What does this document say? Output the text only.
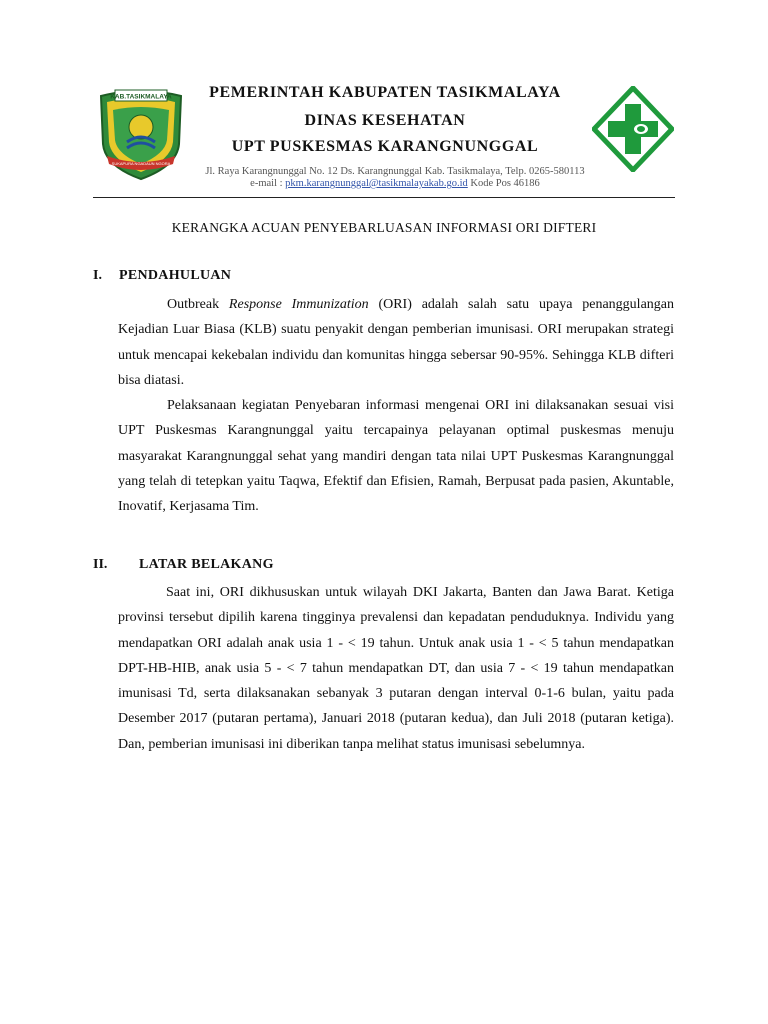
KAB.TASIKMALAYA
SUKAPURA NGADAUN NGORA
PEMERINTAH KABUPATEN TASIKMALAYA
DINAS KESEHATAN
UPT PUSKESMAS KARANGNUNGGAL
Jl. Raya Karangnunggal No. 12 Ds. Karangnunggal Kab. Tasikmalaya, Telp. 0265-580113
e-mail : pkm.karangnunggal@tasikmalayakab.go.id Kode Pos 46186
KERANGKA ACUAN PENYEBARLUASAN INFORMASI ORI DIFTERI
I. PENDAHULUAN
Outbreak Response Immunization (ORI) adalah salah satu upaya penanggulangan Kejadian Luar Biasa (KLB) suatu penyakit dengan pemberian imunisasi. ORI merupakan strategi untuk mencapai kekebalan individu dan komunitas hingga sebersar 90-95%. Sehingga KLB difteri bisa diatasi.
Pelaksanaan kegiatan Penyebaran informasi mengenai ORI ini dilaksanakan sesuai visi UPT Puskesmas Karangnunggal yaitu tercapainya pelayanan optimal puskesmas menuju masyarakat Karangnunggal sehat yang mandiri dengan tata nilai UPT Puskesmas Karangnunggal yang telah di tetepkan yaitu Taqwa, Efektif dan Efisien, Ramah, Berpusat pada pasien, Akuntable, Inovatif, Kerjasama Tim.
II. LATAR BELAKANG
Saat ini, ORI dikhususkan untuk wilayah DKI Jakarta, Banten dan Jawa Barat. Ketiga provinsi tersebut dipilih karena tingginya prevalensi dan kepadatan penduduknya. Individu yang mendapatkan ORI adalah anak usia 1 - < 19 tahun. Untuk anak usia 1 - < 5 tahun mendapatkan DPT-HB-HIB, anak usia 5 - < 7 tahun mendapatkan DT, dan usia 7 - < 19 tahun mendapatkan imunisasi Td, serta dilaksanakan sebanyak 3 putaran dengan interval 0-1-6 bulan, yaitu pada Desember 2017 (putaran pertama), Januari 2018 (putaran kedua), dan Juli 2018 (putaran ketiga). Dan, pemberian imunisasi ini diberikan tanpa melihat status imunisasi sebelumnya.
